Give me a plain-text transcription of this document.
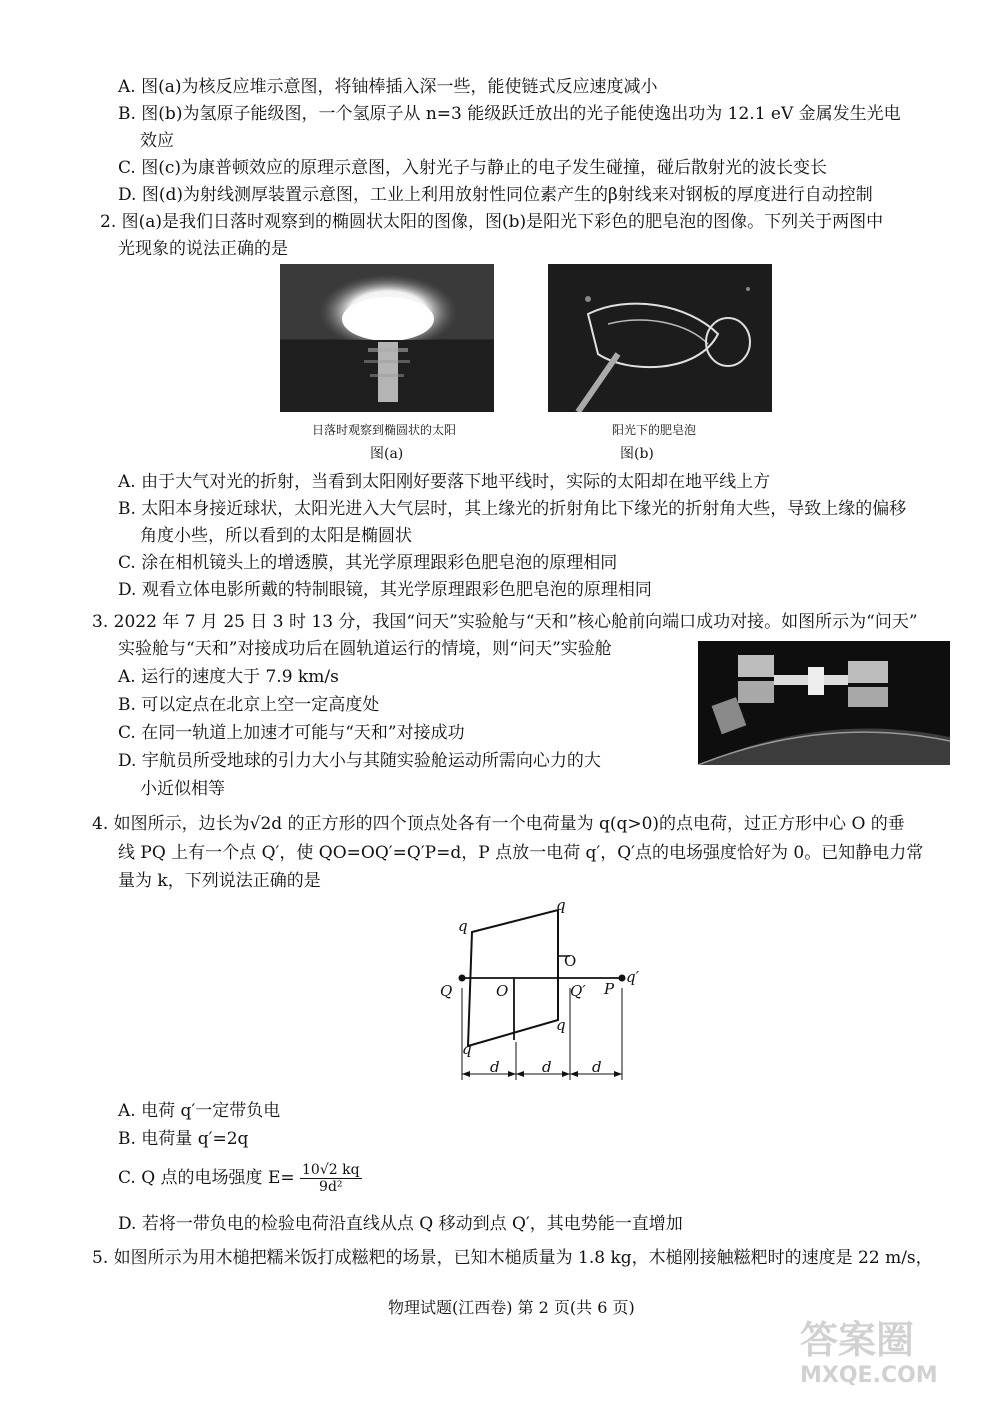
A. 图(a)为核反应堆示意图，将铀棒插入深一些，能使链式反应速度减小
B. 图(b)为氢原子能级图，一个氢原子从 n=3 能级跃迁放出的光子能使逸出功为 12.1 eV 金属发生光电
效应
C. 图(c)为康普顿效应的原理示意图，入射光子与静止的电子发生碰撞，碰后散射光的波长变长
D. 图(d)为射线测厚装置示意图，工业上利用放射性同位素产生的β射线来对钢板的厚度进行自动控制
2. 图(a)是我们日落时观察到的椭圆状太阳的图像，图(b)是阳光下彩色的肥皂泡的图像。下列关于两图中
光现象的说法正确的是
日落时观察到椭圆状的太阳
图(a)
阳光下的肥皂泡
图(b)
A. 由于大气对光的折射，当看到太阳刚好要落下地平线时，实际的太阳却在地平线上方
B. 太阳本身接近球状，太阳光进入大气层时，其上缘光的折射角比下缘光的折射角大些，导致上缘的偏移
角度小些，所以看到的太阳是椭圆状
C. 涂在相机镜头上的增透膜，其光学原理跟彩色肥皂泡的原理相同
D. 观看立体电影所戴的特制眼镜，其光学原理跟彩色肥皂泡的原理相同
3. 2022 年 7 月 25 日 3 时 13 分，我国“问天”实验舱与“天和”核心舱前向端口成功对接。如图所示为“问天”
实验舱与“天和”对接成功后在圆轨道运行的情境，则“问天”实验舱
A. 运行的速度大于 7.9 km/s
B. 可以定点在北京上空一定高度处
C. 在同一轨道上加速才可能与“天和”对接成功
D. 宇航员所受地球的引力大小与其随实验舱运动所需向心力的大
小近似相等
4. 如图所示，边长为√2d 的正方形的四个顶点处各有一个电荷量为 q(q>0)的点电荷，过正方形中心 O 的垂
线 PQ 上有一个点 Q′，使 QO=OQ′=Q′P=d，P 点放一电荷 q′，Q′点的电场强度恰好为 0。已知静电力常
量为 k，下列说法正确的是
q
q
q
q
O
Q	O	Q′ P
q′
d	d	d
A. 电荷 q′一定带负电
B. 电荷量 q′=2q
C. Q 点的电场强度 $E= \frac{10√2 kq}{\text{9d²}}$
D. 若将一带负电的检验电荷沿直线从点 Q 移动到点 Q′，其电势能一直增加
5. 如图所示为用木槌把糯米饭打成糍粑的场景，已知木槌质量为 1.8 kg，木槌刚接触糍粑时的速度是 22 m/s，
物理试题(江西卷) 第 2 页(共 6 页)
答案圈
MXQE.COM
